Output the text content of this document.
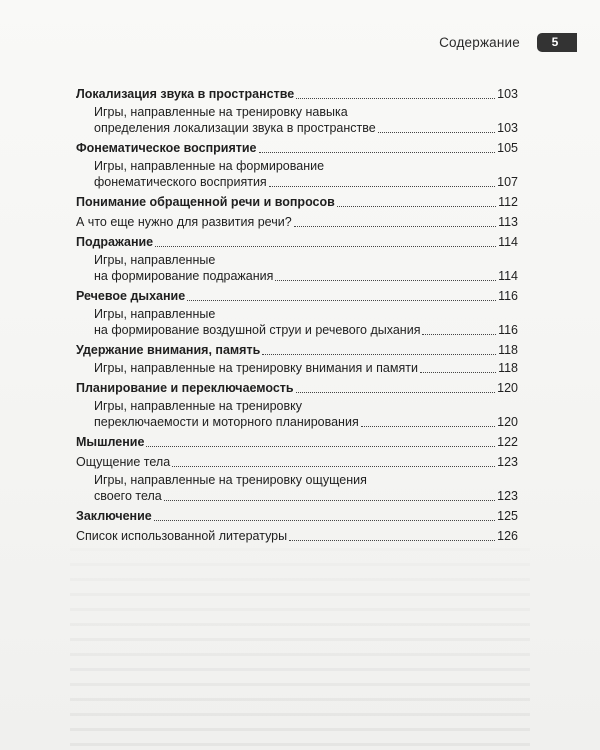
Содержание	5
Локализация звука в пространстве	103
Игры, направленные на тренировку навыка
определения локализации звука в пространстве	103
Фонематическое восприятие	105
Игры, направленные на формирование
фонематического восприятия	107
Понимание обращенной речи и вопросов	112
А что еще нужно для развития речи?	113
Подражание	114
Игры, направленные
на формирование подражания	114
Речевое дыхание	116
Игры, направленные
на формирование воздушной струи и речевого дыхания	116
Удержание внимания, память	118
Игры, направленные на тренировку внимания и памяти	118
Планирование и переключаемость	120
Игры, направленные на тренировку
переключаемости и моторного планирования	120
Мышление	122
Ощущение тела	123
Игры, направленные на тренировку ощущения
своего тела	123
Заключение	125
Список использованной литературы	126
